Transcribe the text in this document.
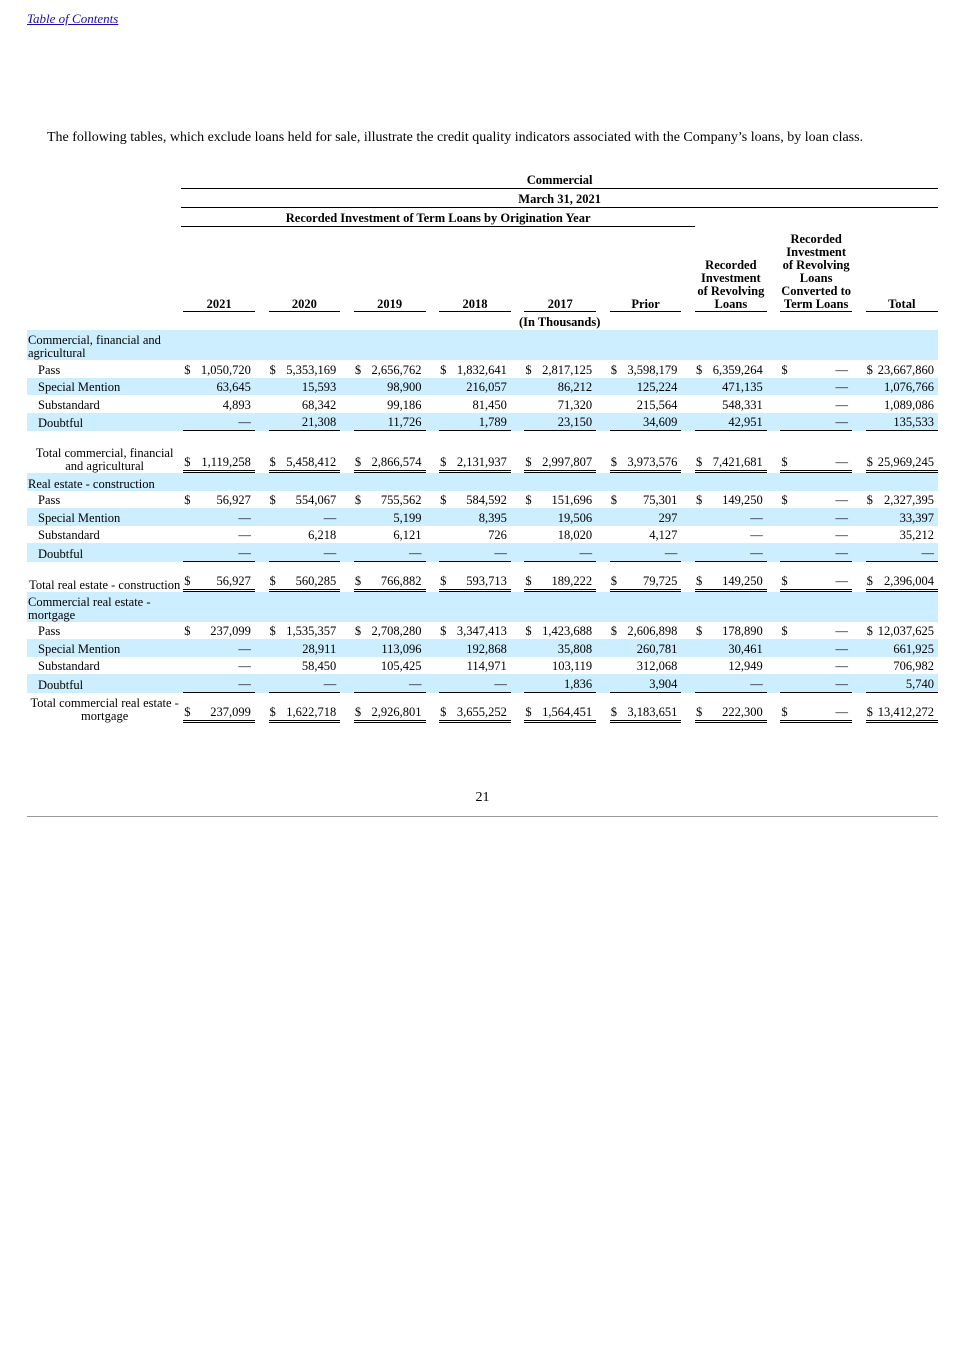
Table of Contents
The following tables, which exclude loans held for sale, illustrate the credit quality indicators associated with the Company’s loans, by loan class.
	Commercial																										
	March 31, 2021																										
	Recorded Investment of Term Loans by Origination Year																										
		2021			2020			2019			2018			2017			Prior			Recorded Investment of Revolving Loans			Recorded Investment of Revolving Loans Converted to Term Loans			Total	
	(In Thousands)																										
Commercial, financial and agricultural																											
Pass		$	1,050,720		$	5,353,169		$	2,656,762		$	1,832,641		$	2,817,125		$	3,598,179		$	6,359,264		$	—		$	23,667,860
Special Mention			63,645			15,593			98,900			216,057			86,212			125,224			471,135			—			1,076,766
Substandard			4,893			68,342			99,186			81,450			71,320			215,564			548,331			—			1,089,086
Doubtful			—			21,308			11,726			1,789			23,150			34,609			42,951			—			135,533
Total commercial, financial and agricultural		$	1,119,258		$	5,458,412		$	2,866,574		$	2,131,937		$	2,997,807		$	3,973,576		$	7,421,681		$	—		$	25,969,245
Real estate - construction																											
Pass		$	56,927		$	554,067		$	755,562		$	584,592		$	151,696		$	75,301		$	149,250		$	—		$	2,327,395
Special Mention			—			—			5,199			8,395			19,506			297			—			—			33,397
Substandard			—			6,218			6,121			726			18,020			4,127			—			—			35,212
Doubtful			—			—			—			—			—			—			—			—			—
Total real estate - construction		$	56,927		$	560,285		$	766,882		$	593,713		$	189,222		$	79,725		$	149,250		$	—		$	2,396,004
Commercial real estate - mortgage																											
Pass		$	237,099		$	1,535,357		$	2,708,280		$	3,347,413		$	1,423,688		$	2,606,898		$	178,890		$	—		$	12,037,625
Special Mention			—			28,911			113,096			192,868			35,808			260,781			30,461			—			661,925
Substandard			—			58,450			105,425			114,971			103,119			312,068			12,949			—			706,982
Doubtful			—			—			—			—			1,836			3,904			—			—			5,740
Total commercial real estate - mortgage		$	237,099		$	1,622,718		$	2,926,801		$	3,655,252		$	1,564,451		$	3,183,651		$	222,300		$	—		$	13,412,272
21
